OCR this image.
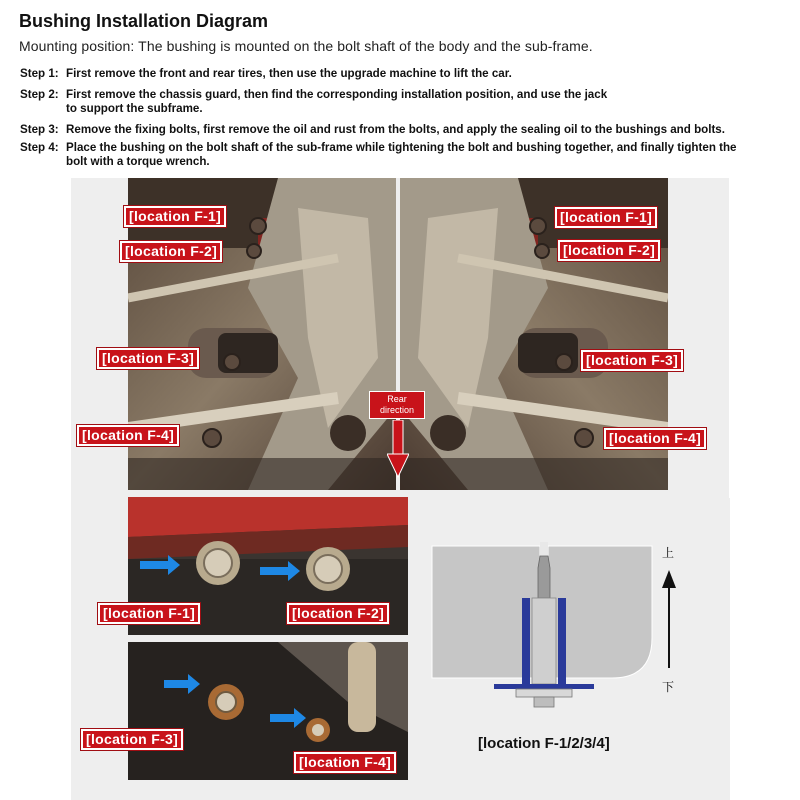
Bushing Installation Diagram
Mounting position: The bushing is mounted on the bolt shaft of the body and the sub-frame.
Step 1: First remove the front and rear tires, then use the upgrade machine to lift the car.
Step 2: First remove the chassis guard, then find the corresponding installation position, and use the jack
to support the subframe.
Step 3: Remove the fixing bolts, first remove the oil and rust from the bolts, and apply the sealing oil to the bushings and bolts.
Step 4: Place the bushing on the bolt shaft of the sub-frame while tightening the bolt and bushing together, and finally tighten the
bolt with a torque wrench.
Rear
direction
[location F-1]
[location F-2]
[location F-3]
[location F-4]
[location F-1]
[location F-2]
[location F-3]
[location F-4]
[location F-1]	[location F-2]
[location F-3]
[location F-4]
上
下
[location F-1/2/3/4]
